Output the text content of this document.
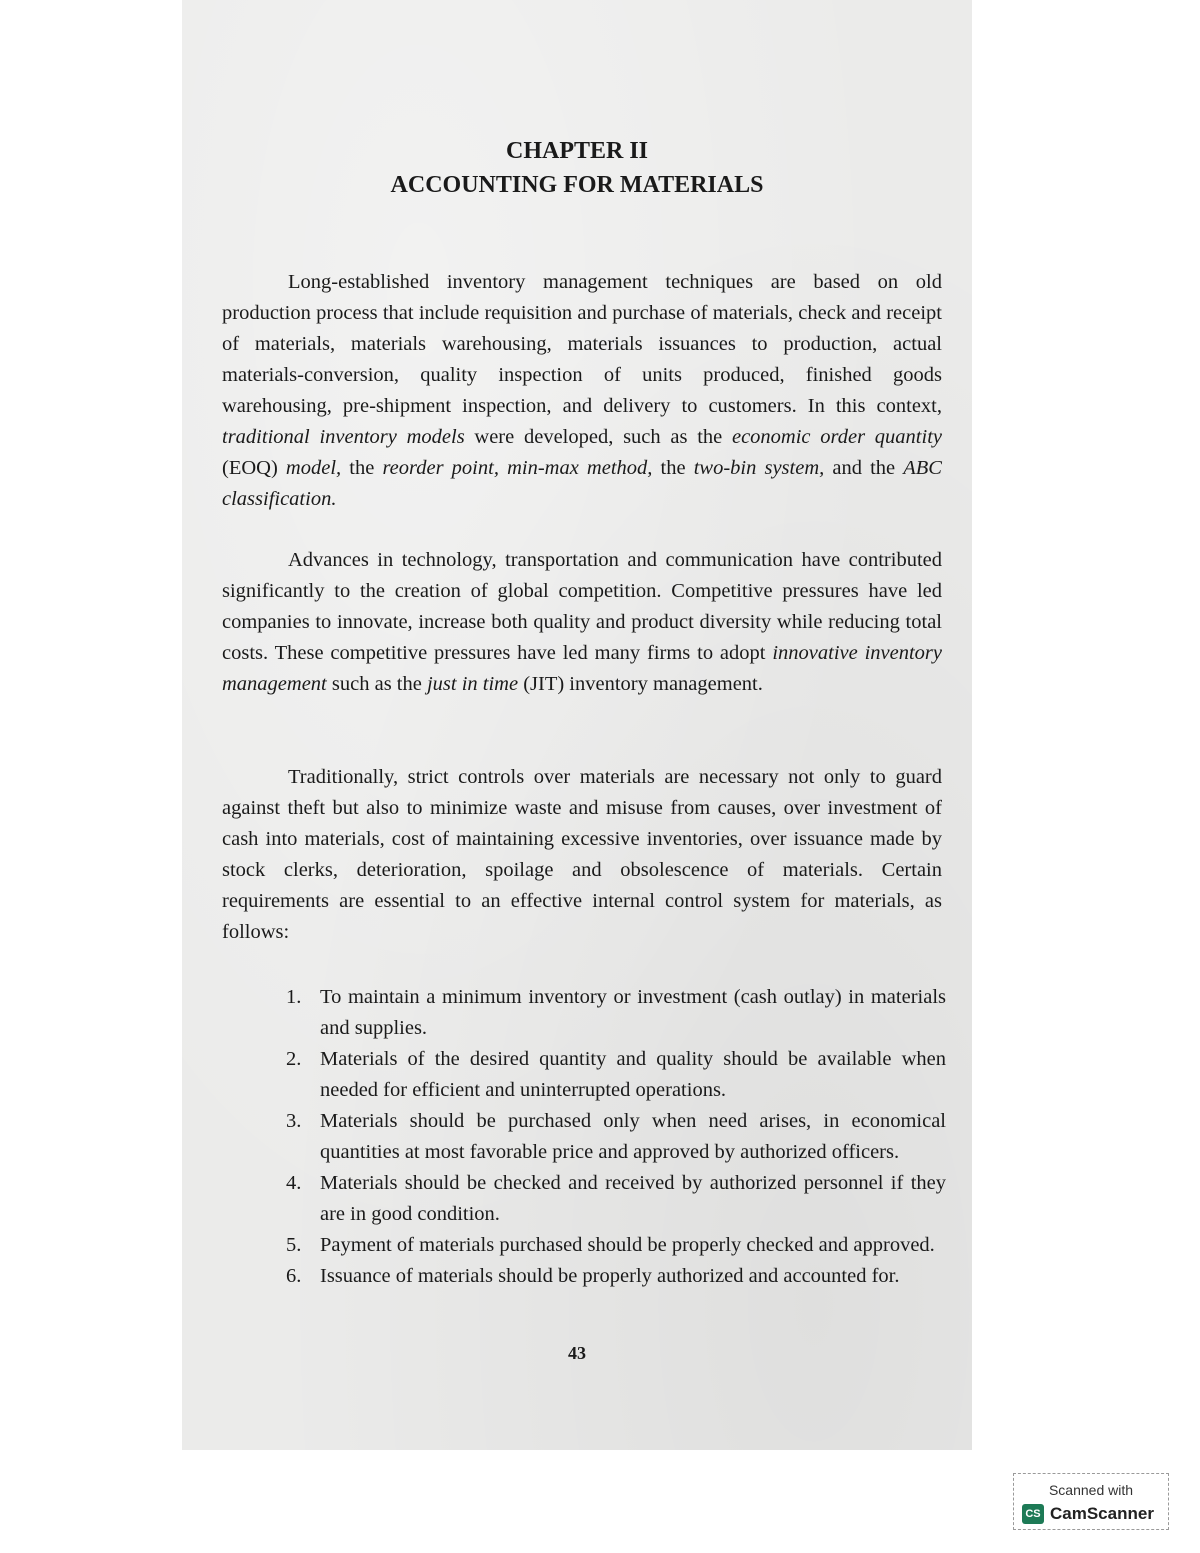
CHAPTER II
ACCOUNTING FOR MATERIALS

Long-established inventory management techniques are based on old production process that include requisition and purchase of materials, check and receipt of materials, materials warehousing, materials issuances to production, actual materials-conversion, quality inspection of units produced, finished goods warehousing, pre-shipment inspection, and delivery to customers. In this context, traditional inventory models were developed, such as the economic order quantity (EOQ) model, the reorder point, min-max method, the two-bin system, and the ABC classification.

Advances in technology, transportation and communication have contributed significantly to the creation of global competition. Competitive pressures have led companies to innovate, increase both quality and product diversity while reducing total costs. These competitive pressures have led many firms to adopt innovative inventory management such as the just in time (JIT) inventory management.

Traditionally, strict controls over materials are necessary not only to guard against theft but also to minimize waste and misuse from causes, over investment of cash into materials, cost of maintaining excessive inventories, over issuance made by stock clerks, deterioration, spoilage and obsolescence of materials. Certain requirements are essential to an effective internal control system for materials, as follows:

1. To maintain a minimum inventory or investment (cash outlay) in materials and supplies.
2. Materials of the desired quantity and quality should be available when needed for efficient and uninterrupted operations.
3. Materials should be purchased only when need arises, in economical quantities at most favorable price and approved by authorized officers.
4. Materials should be checked and received by authorized personnel if they are in good condition.
5. Payment of materials purchased should be properly checked and approved.
6. Issuance of materials should be properly authorized and accounted for.
43
Scanned with
CS CamScanner
